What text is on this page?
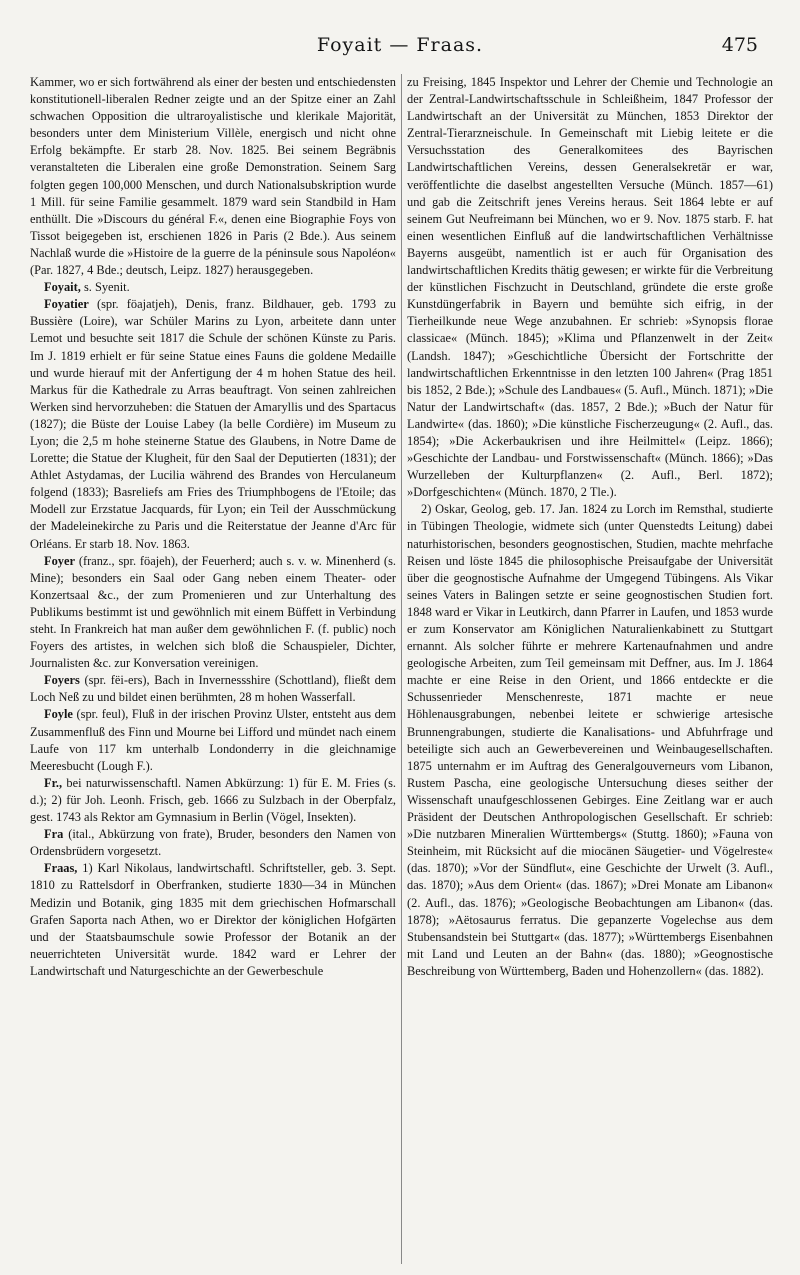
Foyait — Fraas.	475

Kammer, wo er sich fortwährend als einer der besten und entschiedensten konstitutionell-liberalen Redner zeigte und an der Spitze einer an Zahl schwachen Opposition die ultraroyalistische und klerikale Majorität, besonders unter dem Ministerium Villèle, energisch und nicht ohne Erfolg bekämpfte. Er starb 28. Nov. 1825. Bei seinem Begräbnis veranstalteten die Liberalen eine große Demonstration. Seinem Sarg folgten gegen 100,000 Menschen, und durch Nationalsubskription wurde 1 Mill. für seine Familie gesammelt. 1879 ward sein Standbild in Ham enthüllt. Die »Discours du général F.«, denen eine Biographie Foys von Tissot beigegeben ist, erschienen 1826 in Paris (2 Bde.). Aus seinem Nachlaß wurde die »Histoire de la guerre de la péninsule sous Napoléon« (Par. 1827, 4 Bde.; deutsch, Leipz. 1827) herausgegeben.

Foyait, s. Syenit.

Foyatier (spr. föajatjeh), Denis, franz. Bildhauer, geb. 1793 zu Bussière (Loire), war Schüler Marins zu Lyon, arbeitete dann unter Lemot und besuchte seit 1817 die Schule der schönen Künste zu Paris. Im J. 1819 erhielt er für seine Statue eines Fauns die goldene Medaille und wurde hierauf mit der Anfertigung der 4 m hohen Statue des heil. Markus für die Kathedrale zu Arras beauftragt. Von seinen zahlreichen Werken sind hervorzuheben: die Statuen der Amaryllis und des Spartacus (1827); die Büste der Louise Labey (la belle Cordière) im Museum zu Lyon; die 2,5 m hohe steinerne Statue des Glaubens, in Notre Dame de Lorette; die Statue der Klugheit, für den Saal der Deputierten (1831); der Athlet Astydamas, der Lucilia während des Brandes von Herculaneum folgend (1833); Basreliefs am Fries des Triumphbogens de l'Etoile; das Modell zur Erzstatue Jacquards, für Lyon; ein Teil der Ausschmückung der Madeleinekirche zu Paris und die Reiterstatue der Jeanne d'Arc für Orléans. Er starb 18. Nov. 1863.

Foyer (franz., spr. föajeh), der Feuerherd; auch s. v. w. Minenherd (s. Mine); besonders ein Saal oder Gang neben einem Theater- oder Konzertsaal &c., der zum Promenieren und zur Unterhaltung des Publikums bestimmt ist und gewöhnlich mit einem Büffett in Verbindung steht. In Frankreich hat man außer dem gewöhnlichen F. (f. public) noch Foyers des artistes, in welchen sich bloß die Schauspieler, Dichter, Journalisten &c. zur Konversation vereinigen.

Foyers (spr. fëi-ers), Bach in Invernessshire (Schottland), fließt dem Loch Neß zu und bildet einen berühmten, 28 m hohen Wasserfall.

Foyle (spr. feul), Fluß in der irischen Provinz Ulster, entsteht aus dem Zusammenfluß des Finn und Mourne bei Lifford und mündet nach einem Laufe von 117 km unterhalb Londonderry in die gleichnamige Meeresbucht (Lough F.).

Fr., bei naturwissenschaftl. Namen Abkürzung: 1) für E. M. Fries (s. d.); 2) für Joh. Leonh. Frisch, geb. 1666 zu Sulzbach in der Oberpfalz, gest. 1743 als Rektor am Gymnasium in Berlin (Vögel, Insekten).

Fra (ital., Abkürzung von frate), Bruder, besonders den Namen von Ordensbrüdern vorgesetzt.

Fraas, 1) Karl Nikolaus, landwirtschaftl. Schriftsteller, geb. 3. Sept. 1810 zu Rattelsdorf in Oberfranken, studierte 1830—34 in München Medizin und Botanik, ging 1835 mit dem griechischen Hofmarschall Grafen Saporta nach Athen, wo er Direktor der königlichen Hofgärten und der Staatsbaumschule sowie Professor der Botanik an der neuerrichteten Universität wurde. 1842 ward er Lehrer der Landwirtschaft und Naturgeschichte an der Gewerbeschule

zu Freising, 1845 Inspektor und Lehrer der Chemie und Technologie an der Zentral-Landwirtschaftsschule in Schleißheim, 1847 Professor der Landwirtschaft an der Universität zu München, 1853 Direktor der Zentral-Tierarzneischule. In Gemeinschaft mit Liebig leitete er die Versuchsstation des Generalkomitees des Bayrischen Landwirtschaftlichen Vereins, dessen Generalsekretär er war, veröffentlichte die daselbst angestellten Versuche (Münch. 1857—61) und gab die Zeitschrift jenes Vereins heraus. Seit 1864 lebte er auf seinem Gut Neufreimann bei München, wo er 9. Nov. 1875 starb. F. hat einen wesentlichen Einfluß auf die landwirtschaftlichen Verhältnisse Bayerns ausgeübt, namentlich ist er auch für Organisation des landwirtschaftlichen Kredits thätig gewesen; er wirkte für die Verbreitung der künstlichen Fischzucht in Deutschland, gründete die erste große Kunstdüngerfabrik in Bayern und bemühte sich eifrig, in der Tierheilkunde neue Wege anzubahnen. Er schrieb: »Synopsis florae classicae« (Münch. 1845); »Klima und Pflanzenwelt in der Zeit« (Landsh. 1847); »Geschichtliche Übersicht der Fortschritte der landwirtschaftlichen Erkenntnisse in den letzten 100 Jahren« (Prag 1851 bis 1852, 2 Bde.); »Schule des Landbaues« (5. Aufl., Münch. 1871); »Die Natur der Landwirtschaft« (das. 1857, 2 Bde.); »Buch der Natur für Landwirte« (das. 1860); »Die künstliche Fischerzeugung« (2. Aufl., das. 1854); »Die Ackerbaukrisen und ihre Heilmittel« (Leipz. 1866); »Geschichte der Landbau- und Forstwissenschaft« (Münch. 1866); »Das Wurzelleben der Kulturpflanzen« (2. Aufl., Berl. 1872); »Dorfgeschichten« (Münch. 1870, 2 Tle.).

2) Oskar, Geolog, geb. 17. Jan. 1824 zu Lorch im Remsthal, studierte in Tübingen Theologie, widmete sich (unter Quenstedts Leitung) dabei naturhistorischen, besonders geognostischen, Studien, machte mehrfache Reisen und löste 1845 die philosophische Preisaufgabe der Universität über die geognostische Aufnahme der Umgegend Tübingens. Als Vikar seines Vaters in Balingen setzte er seine geognostischen Studien fort. 1848 ward er Vikar in Leutkirch, dann Pfarrer in Laufen, und 1853 wurde er zum Konservator am Königlichen Naturalienkabinett zu Stuttgart ernannt. Als solcher führte er mehrere Kartenaufnahmen und andre geologische Arbeiten, zum Teil gemeinsam mit Deffner, aus. Im J. 1864 machte er eine Reise in den Orient, und 1866 entdeckte er die Schussenrieder Menschenreste, 1871 machte er neue Höhlenausgrabungen, nebenbei leitete er schwierige artesische Brunnengrabungen, studierte die Kanalisations- und Abfuhrfrage und beteiligte sich auch an Gewerbevereinen und Weinbaugesellschaften. 1875 unternahm er im Auftrag des Generalgouverneurs vom Libanon, Rustem Pascha, eine geologische Untersuchung dieses seither der Wissenschaft unaufgeschlossenen Gebirges. Eine Zeitlang war er auch Präsident der Deutschen Anthropologischen Gesellschaft. Er schrieb: »Die nutzbaren Mineralien Württembergs« (Stuttg. 1860); »Fauna von Steinheim, mit Rücksicht auf die miocänen Säugetier- und Vögelreste« (das. 1870); »Vor der Sündflut«, eine Geschichte der Urwelt (3. Aufl., das. 1870); »Aus dem Orient« (das. 1867); »Drei Monate am Libanon« (2. Aufl., das. 1876); »Geologische Beobachtungen am Libanon« (das. 1878); »Aëtosaurus ferratus. Die gepanzerte Vogelechse aus dem Stubensandstein bei Stuttgart« (das. 1877); »Württembergs Eisenbahnen mit Land und Leuten an der Bahn« (das. 1880); »Geognostische Beschreibung von Württemberg, Baden und Hohenzollern« (das. 1882).
